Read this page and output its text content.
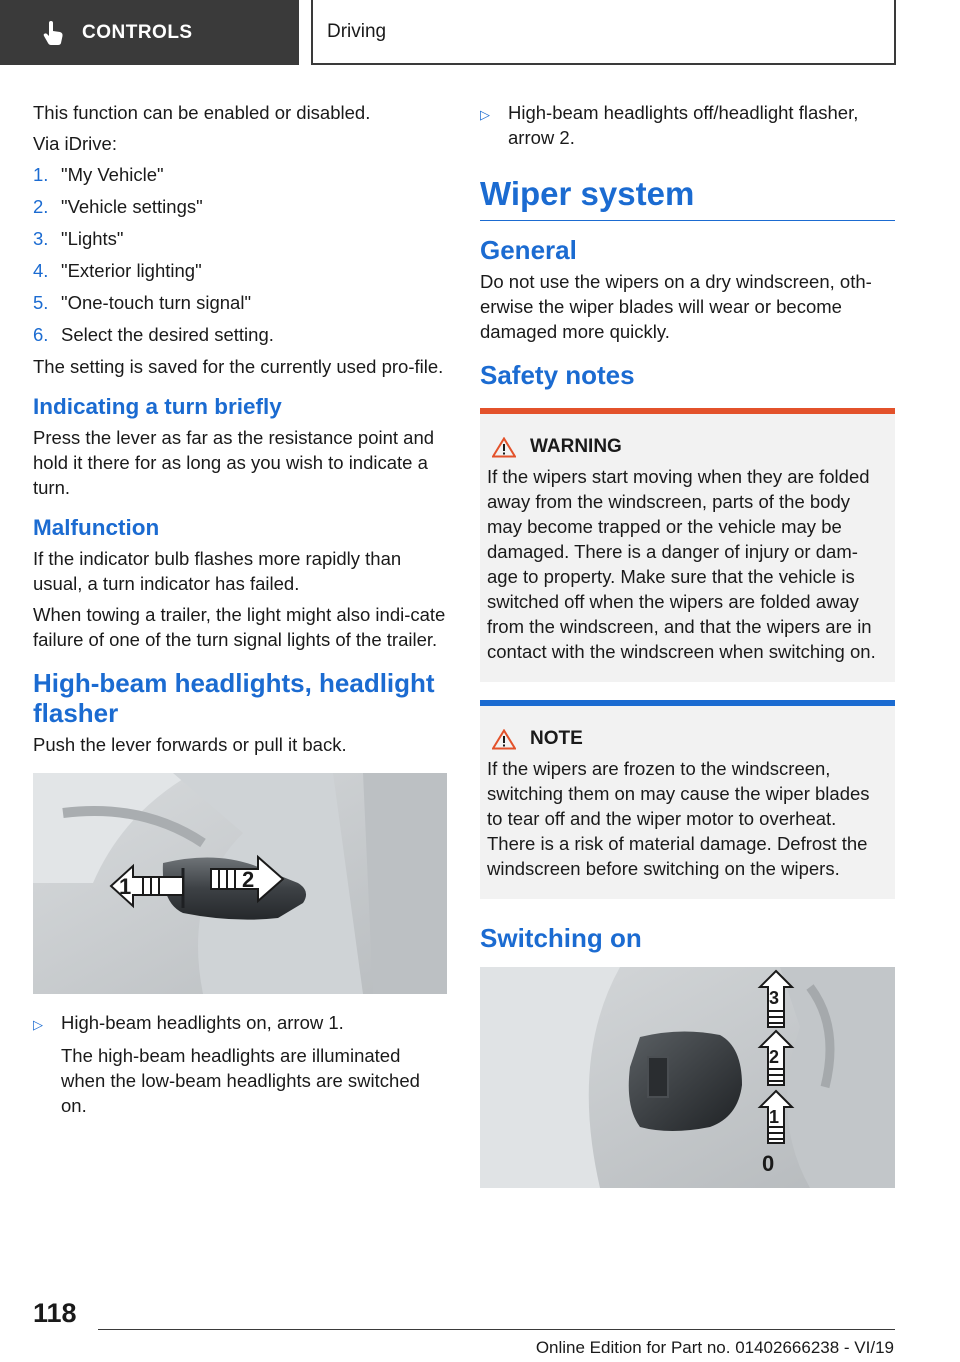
CONTROLS	Driving

This function can be enabled or disabled.

Via iDrive:

1. "My Vehicle"
2. "Vehicle settings"
3. "Lights"
4. "Exterior lighting"
5. "One-touch turn signal"
6. Select the desired setting.

The setting is saved for the currently used pro‐file.

Indicating a turn briefly

Press the lever as far as the resistance point and hold it there for as long as you wish to indicate a turn.

Malfunction

If the indicator bulb flashes more rapidly than usual, a turn indicator has failed.

When towing a trailer, the light might also indi‐cate failure of one of the turn signal lights of the trailer.

High-beam headlights, headlight flasher

Push the lever forwards or pull it back.

1	2
▷ High-beam headlights on, arrow 1.

The high-beam headlights are illuminated when the low-beam headlights are switched on.

▷ High-beam headlights off/headlight flasher, arrow 2.
Wiper system
General

Do not use the wipers on a dry windscreen, oth‐erwise the wiper blades will wear or become damaged more quickly.

Safety notes
WARNING

If the wipers start moving when they are folded away from the windscreen, parts of the body may become trapped or the vehicle may be damaged. There is a danger of injury or dam‐age to property. Make sure that the vehicle is switched off when the wipers are folded away from the windscreen, and that the wipers are in contact with the windscreen when switching on.

NOTE

If the wipers are frozen to the windscreen, switching them on may cause the wiper blades to tear off and the wiper motor to overheat. There is a risk of material damage. Defrost the windscreen before switching on the wipers.

Switching on
3
2
1
0
118
Online Edition for Part no. 01402666238 - VI/19
